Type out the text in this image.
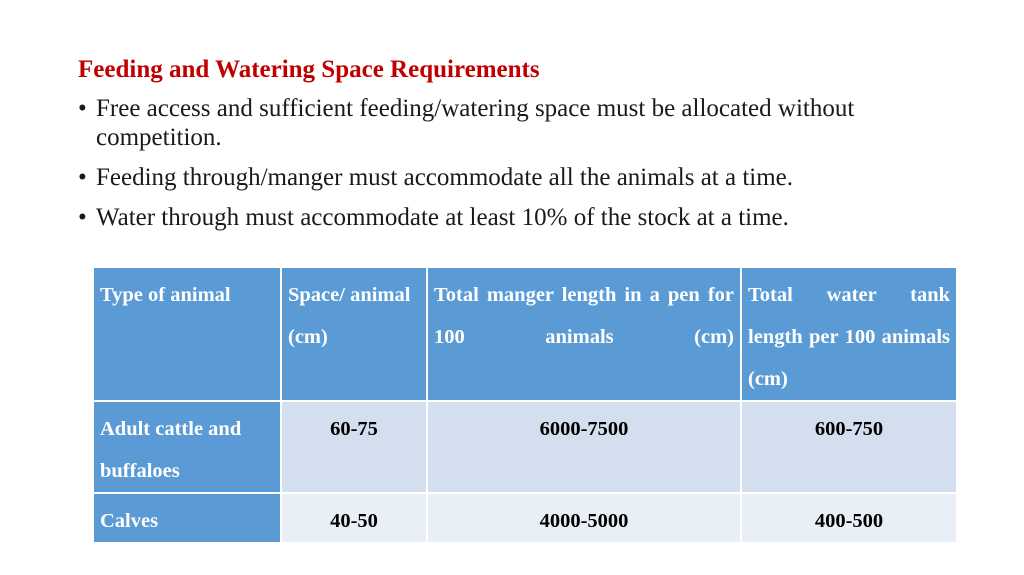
Feeding and Watering Space Requirements
• Free access and sufficient feeding/watering space must be allocated without competition.
• Feeding through/manger must accommodate all the animals at a time.
• Water through must accommodate at least 10% of the stock at a time.
Type of animal	Space/ animal (cm)	Total manger length in a pen for 100 animals (cm)	Total water tank length per 100 animals (cm)

Adult cattle and buffaloes	60-75	6000-7500	600-750
Calves	40-50	4000-5000	400-500
